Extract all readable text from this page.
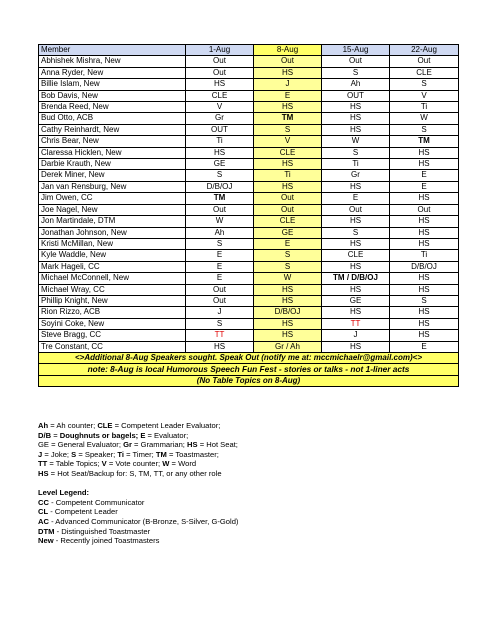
Member	1-Aug	8-Aug	15-Aug	22-Aug
Abhishek Mishra, New	Out	Out	Out	Out
Anna Ryder, New	Out	HS	S	CLE
Billie Islam, New	HS	J	Ah	S
Bob Davis, New	CLE	E	OUT	V
Brenda Reed, New	V	HS	HS	Ti
Bud Otto, ACB	Gr	TM	HS	W
Cathy Reinhardt, New	OUT	S	HS	S
Chris Bear, New	Ti	V	W	TM
Claressa Hicklen, New	HS	CLE	S	HS
Darbie Krauth, New	GE	HS	Ti	HS
Derek Miner, New	S	Ti	Gr	E
Jan van Rensburg, New	D/B/OJ	HS	HS	E
Jim Owen, CC	TM	Out	E	HS
Joe Nagel, New	Out	Out	Out	Out
Jon Martindale, DTM	W	CLE	HS	HS
Jonathan Johnson, New	Ah	GE	S	HS
Kristi McMillan, New	S	E	HS	HS
Kyle Waddle, New	E	S	CLE	Ti
Mark Hageli, CC	E	S	HS	D/B/OJ
Michael McConnell, New	E	W	TM / D/B/OJ	HS
Michael Wray, CC	Out	HS	HS	HS
Phillip Knight, New	Out	HS	GE	S
Rion Rizzo, ACB	J	D/B/OJ	HS	HS
Soyini Coke, New	S	HS	TT	HS
Steve Bragg, CC	TT	HS	J	HS
Tre Constant, CC	HS	Gr / Ah	HS	E
<>Additional 8-Aug Speakers sought. Speak Out (notify me at: mccmichaelr@gmail.com)<>				
note: 8-Aug is local Humorous Speech Fun Fest - stories or talks - not 1-liner acts				
(No Table Topics on 8-Aug)				
Ah = Ah counter; CLE = Competent Leader Evaluator;
D/B = Doughnuts or bagels; E = Evaluator;
GE = General Evaluator; Gr = Grammarian; HS = Hot Seat;
J = Joke; S = Speaker; Ti = Timer; TM = Toastmaster;
TT = Table Topics; V = Vote counter; W = Word
HS = Hot Seat/Backup for: S, TM, TT, or any other role
Level Legend:
CC - Competent Communicator
CL - Competent Leader
AC - Advanced Communicator (B-Bronze, S-Silver, G-Gold)
DTM - Distinguished Toastmaster
New - Recently joined Toastmasters
